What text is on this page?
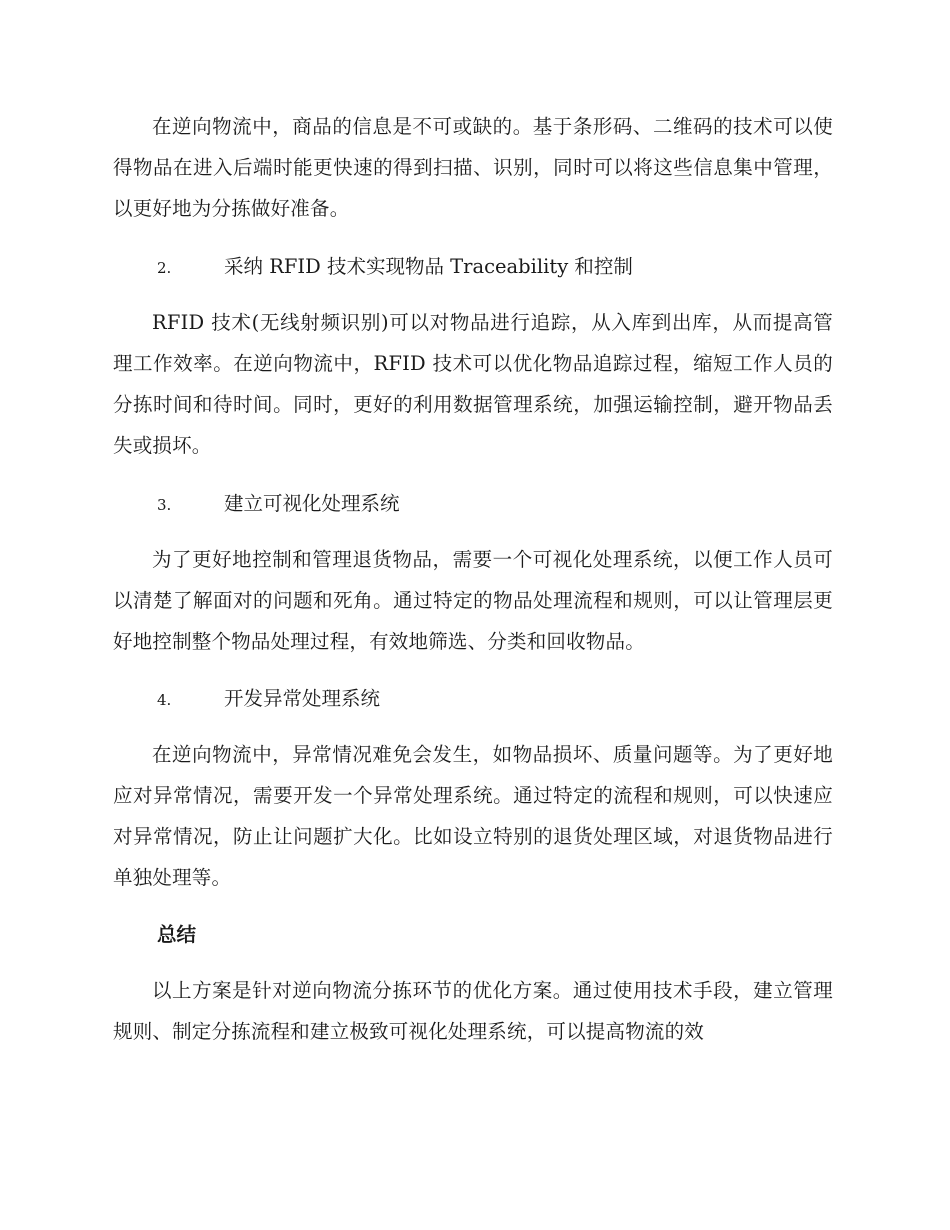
在逆向物流中，商品的信息是不可或缺的。基于条形码、二维码的技术可以使得物品在进入后端时能更快速的得到扫描、识别，同时可以将这些信息集中管理，以更好地为分拣做好准备。

2.	采纳 RFID 技术实现物品 Traceability 和控制

RFID 技术(无线射频识别)可以对物品进行追踪，从入库到出库，从而提高管理工作效率。在逆向物流中，RFID 技术可以优化物品追踪过程，缩短工作人员的分拣时间和待时间。同时，更好的利用数据管理系统，加强运输控制，避开物品丢失或损坏。

3.	建立可视化处理系统

为了更好地控制和管理退货物品，需要一个可视化处理系统，以便工作人员可以清楚了解面对的问题和死角。通过特定的物品处理流程和规则，可以让管理层更好地控制整个物品处理过程，有效地筛选、分类和回收物品。

4.	开发异常处理系统

在逆向物流中，异常情况难免会发生，如物品损坏、质量问题等。为了更好地应对异常情况，需要开发一个异常处理系统。通过特定的流程和规则，可以快速应对异常情况，防止让问题扩大化。比如设立特别的退货处理区域，对退货物品进行单独处理等。

总结

以上方案是针对逆向物流分拣环节的优化方案。通过使用技术手段，建立管理规则、制定分拣流程和建立极致可视化处理系统，可以提高物流的效
